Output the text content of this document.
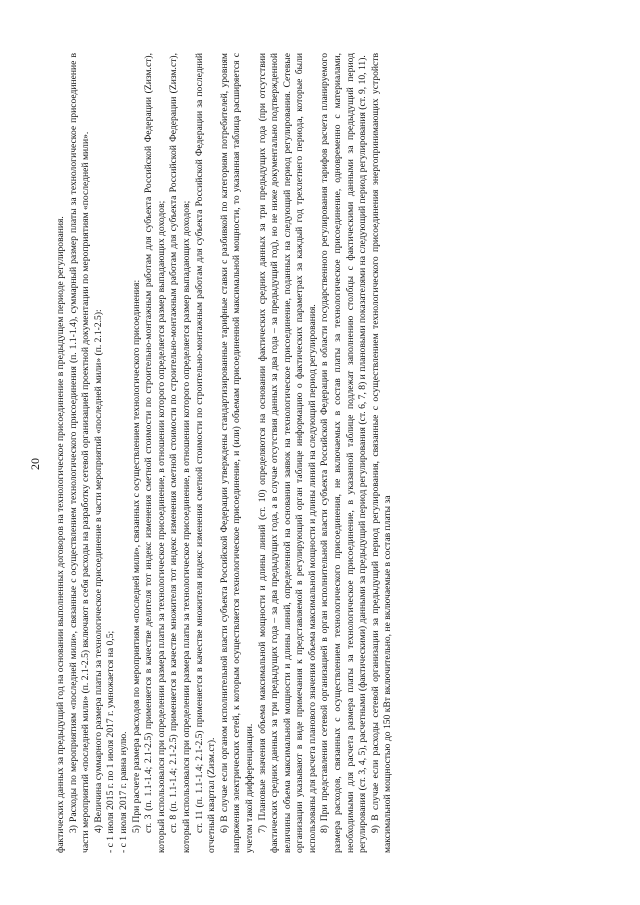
20 фактических данных за предыдущий год на основании выполненных договоров на технологическое присоединение в предыдущем периоде регулирования. 3) Расходы по мероприятиям «последней мили», связанные с осуществлением технологического присоединения (п. 1.1-1.4), суммарный размер платы за технологическое присоединение в части мероприятий «последней мили» (п. 2.1-2.5) включают в себя расходы на разработку сетевой организацией проектной документации по мероприятиям «последней мили». 4) Величина суммарного размера платы за технологическое присоединение в части мероприятий «последней мили» (п. 2.1-2.5): - с 1 июля 2015 г. по 1 июля 2017 г. умножается на 0,5; - с 1 июля 2017 г. равна нулю. 5) При расчете размера расходов по мероприятиям «последней мили», связанных с осуществлением технологического присоединения: ст. 3 (п. 1.1-1.4; 2.1-2.5) применяется в качестве делителя тот индекс изменения сметной стоимости по строительно-монтажным работам для субъекта Российской Федерации (Zизм.ст), который использовался при определении размера платы за технологическое присоединение, в отношении которого определяется размер выпадающих доходов; ст. 8 (п. 1.1-1.4; 2.1-2.5) применяется в качестве множителя тот индекс изменения сметной стоимости по строительно-монтажным работам для субъекта Российской Федерации (Zизм.ст), который использовался при определении размера платы за технологическое присоединение, в отношении которого определяется размер выпадающих доходов; ст. 11 (п. 1.1-1.4; 2.1-2.5) применяется в качестве множителя индекс изменения сметной стоимости по строительно-монтажным работам для субъекта Российской Федерации за последний отчетный квартал (Zизм.ст). 6) В случае если органом исполнительной власти субъекта Российской Федерации утверждены стандартизированные тарифные ставки с разбивкой по категориям потребителей, уровням напряжения электрических сетей, к которым осуществляется технологическое присоединение, и (или) объемам присоединенной максимальной мощности, то указанная таблица расширяется с учетом такой дифференциации. 7) Плановые значения объема максимальной мощности и длины линий (ст. 10) определяются на основании фактических средних данных за три предыдущих года (при отсутствии фактических средних данных за три предыдущих года – за два предыдущих года, а в случае отсутствия данных за два года – за предыдущий год), но не ниже документально подтвержденной величины объема максимальной мощности и длины линий, определенной на основании заявок на технологическое присоединение, поданных на следующий период регулирования. Сетевые организации указывают в виде примечания к представляемой в регулирующий орган таблице информацию о фактических параметрах за каждый год трехлетнего периода, которые были использованы для расчета планового значения объема максимальной мощности и длины линий на следующий период регулирования. 8) При представлении сетевой организацией в орган исполнительной власти субъекта Российской Федерации в области государственного регулирования тарифов расчета планируемого размера расходов, связанных с осуществлением технологического присоединения, не включаемых в состав платы за технологическое присоединение, одновременно с материалами, необходимыми для расчета размера платы за технологическое присоединение, в указанной таблице подлежат заполнению столбцы с фактическими данными за предыдущий период регулирования (ст. 3, 4, 5), расчетными (фактическими) данными за предыдущий период регулирования (ст. 6, 7, 8) и плановыми показателями на следующий период регулирования (ст. 9, 10, 11). 9) В случае если расходы сетевой организации за предыдущий период регулирования, связанные с осуществлением технологического присоединения энергопринимающих устройств максимальной мощностью до 150 кВт включительно, не включаемые в состав платы за
